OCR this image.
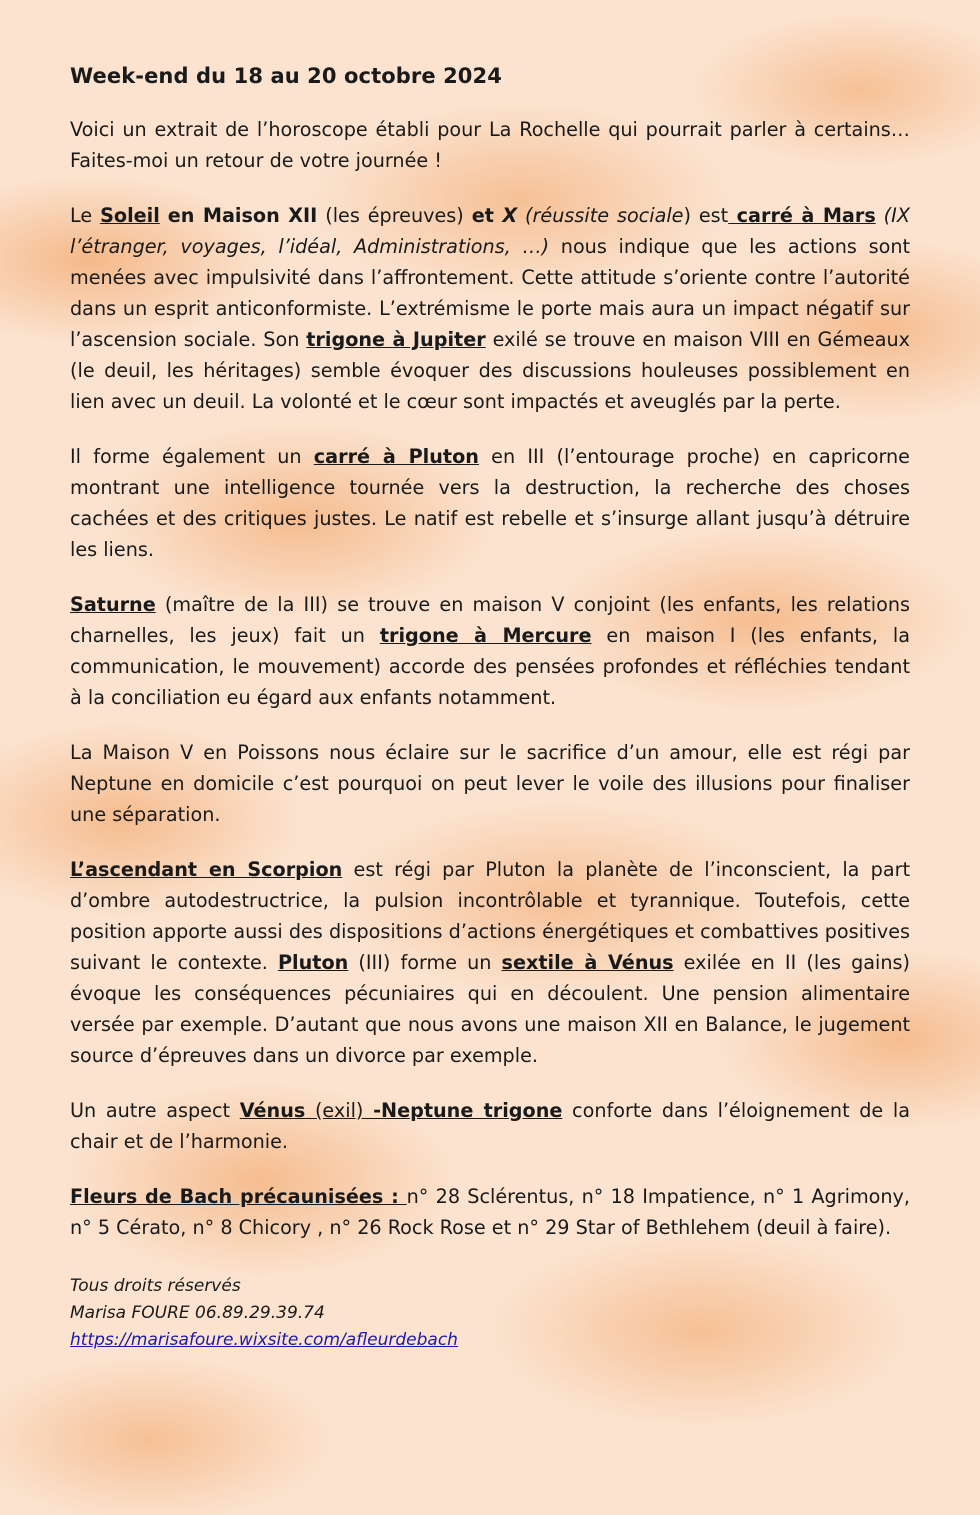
Week-end du 18 au 20 octobre 2024

Voici un extrait de l’horoscope établi pour La Rochelle qui pourrait parler à certains… Faites-moi un retour de votre journée !

Le Soleil en Maison XII (les épreuves) et X (réussite sociale) est carré à Mars (IX l’étranger, voyages, l’idéal, Administrations, …) nous indique que les actions sont menées avec impulsivité dans l’affrontement. Cette attitude s’oriente contre l’autorité dans un esprit anticonformiste. L’extrémisme le porte mais aura un impact négatif sur l’ascension sociale. Son trigone à Jupiter exilé se trouve en maison VIII en Gémeaux (le deuil, les héritages) semble évoquer des discussions houleuses possiblement en lien avec un deuil. La volonté et le cœur sont impactés et aveuglés par la perte.

Il forme également un carré à Pluton en III (l’entourage proche) en capricorne montrant une intelligence tournée vers la destruction, la recherche des choses cachées et des critiques justes. Le natif est rebelle et s’insurge allant jusqu’à détruire les liens.

Saturne (maître de la III) se trouve en maison V conjoint (les enfants, les relations charnelles, les jeux) fait un trigone à Mercure en maison I (les enfants, la communication, le mouvement) accorde des pensées profondes et réfléchies tendant à la conciliation eu égard aux enfants notamment.

La Maison V en Poissons nous éclaire sur le sacrifice d’un amour, elle est régi par Neptune en domicile c’est pourquoi on peut lever le voile des illusions pour finaliser une séparation.

L’ascendant en Scorpion est régi par Pluton la planète de l’inconscient, la part d’ombre autodestructrice, la pulsion incontrôlable et tyrannique. Toutefois, cette position apporte aussi des dispositions d’actions énergétiques et combattives positives suivant le contexte. Pluton (III) forme un sextile à Vénus exilée en II (les gains) évoque les conséquences pécuniaires qui en découlent. Une pension alimentaire versée par exemple. D’autant que nous avons une maison XII en Balance, le jugement source d’épreuves dans un divorce par exemple.

Un autre aspect Vénus (exil) -Neptune trigone conforte dans l’éloignement de la chair et de l’harmonie.

Fleurs de Bach précaunisées : n° 28 Sclérentus, n° 18 Impatience, n° 1 Agrimony, n° 5 Cérato, n° 8 Chicory , n° 26 Rock Rose et n° 29 Star of Bethlehem (deuil à faire).

Tous droits réservés
Marisa FOURE 06.89.29.39.74
https://marisafoure.wixsite.com/afleurdebach
